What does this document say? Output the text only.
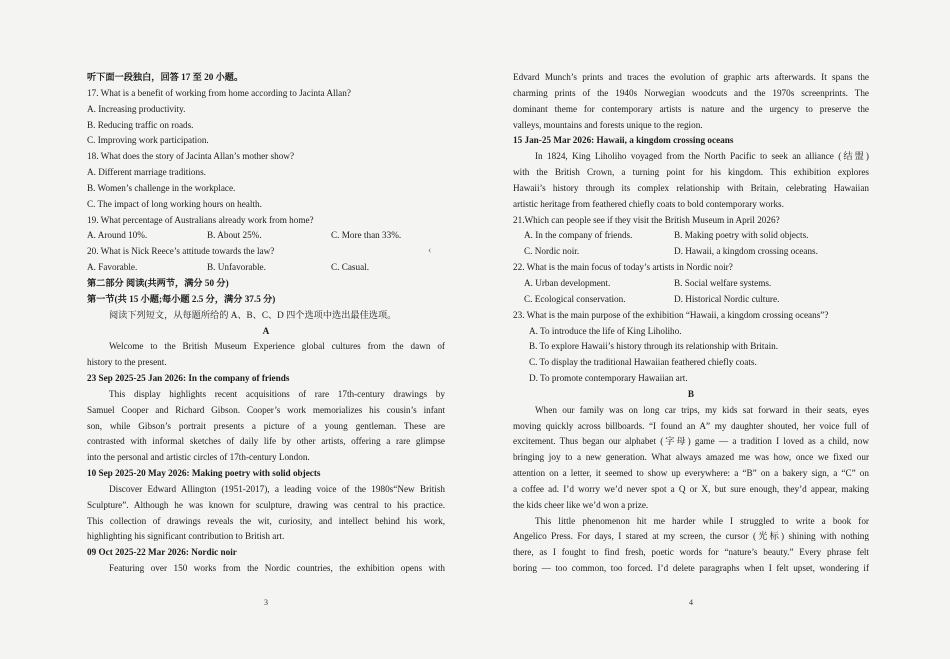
听下面一段独白，回答 17 至 20 小题。
17. What is a benefit of working from home according to Jacinta Allan?
A. Increasing productivity.
B. Reducing traffic on roads.
C. Improving work participation.
18. What does the story of Jacinta Allan’s mother show?
A. Different marriage traditions.
B. Women’s challenge in the workplace.
C. The impact of long working hours on health.
19. What percentage of Australians already work from home?
A. Around 10%.	B. About 25%.	C. More than 33%.
20. What is Nick Reece’s attitude towards the law?
A. Favorable.	B. Unfavorable.	C. Casual.
第二部分 阅读(共两节，满分 50 分)
第一节(共 15 小题;每小题 2.5 分，满分 37.5 分)
阅读下列短文，从每题所给的 A、B、C、D 四个选项中选出最佳选项。
A
Welcome to the British Museum Experience global cultures from the dawn of
history to the present.
23 Sep 2025-25 Jan 2026: In the company of friends
This display highlights recent acquisitions of rare 17th-century drawings by
Samuel Cooper and Richard Gibson. Cooper’s work memorializes his cousin’s infant
son, while Gibson’s portrait presents a picture of a young gentleman. These are
contrasted with informal sketches of daily life by other artists, offering a rare glimpse
into the personal and artistic circles of 17th-century London.
10 Sep 2025-20 May 2026: Making poetry with solid objects
Discover Edward Allington (1951-2017), a leading voice of the 1980s“New British
Sculpture”. Although he was known for sculpture, drawing was central to his practice.
This collection of drawings reveals the wit, curiosity, and intellect behind his work,
highlighting his significant contribution to British art.
09 Oct 2025-22 Mar 2026: Nordic noir
Featuring over 150 works from the Nordic countries, the exhibition opens with
Edvard Munch’s prints and traces the evolution of graphic arts afterwards. It spans the
charming prints of the 1940s Norwegian woodcuts and the 1970s screenprints. The
dominant theme for contemporary artists is nature and the urgency to preserve the
valleys, mountains and forests unique to the region.
15 Jan-25 Mar 2026: Hawaii, a kingdom crossing oceans
In 1824, King Liholiho voyaged from the North Pacific to seek an alliance (结盟)
with the British Crown, a turning point for his kingdom. This exhibition explores
Hawaii’s history through its complex relationship with Britain, celebrating Hawaiian
artistic heritage from feathered chiefly coats to bold contemporary works.
21.Which can people see if they visit the British Museum in April 2026?
A. In the company of friends.	B. Making poetry with solid objects.
C. Nordic noir.	D. Hawaii, a kingdom crossing oceans.
22. What is the main focus of today’s artists in Nordic noir?
A. Urban development.	B. Social welfare systems.
C. Ecological conservation.	D. Historical Nordic culture.
23. What is the main purpose of the exhibition “Hawaii, a kingdom crossing oceans”?
A. To introduce the life of King Liholiho.
B. To explore Hawaii’s history through its relationship with Britain.
C. To display the traditional Hawaiian feathered chiefly coats.
D. To promote contemporary Hawaiian art.
B
When our family was on long car trips, my kids sat forward in their seats, eyes
moving quickly across billboards. “I found an A” my daughter shouted, her voice full of
excitement. Thus began our alphabet (字母) game — a tradition I loved as a child, now
bringing joy to a new generation. What always amazed me was how, once we fixed our
attention on a letter, it seemed to show up everywhere: a “B” on a bakery sign, a “C” on
a coffee ad. I’d worry we’d never spot a Q or X, but sure enough, they’d appear, making
the kids cheer like we’d won a prize.
This little phenomenon hit me harder while I struggled to write a book for
Angelico Press. For days, I stared at my screen, the cursor (光标) shining with nothing
there, as I fought to find fresh, poetic words for “nature’s beauty.” Every phrase felt
boring — too common, too forced. I’d delete paragraphs when I felt upset, wondering if
3	4
‹
